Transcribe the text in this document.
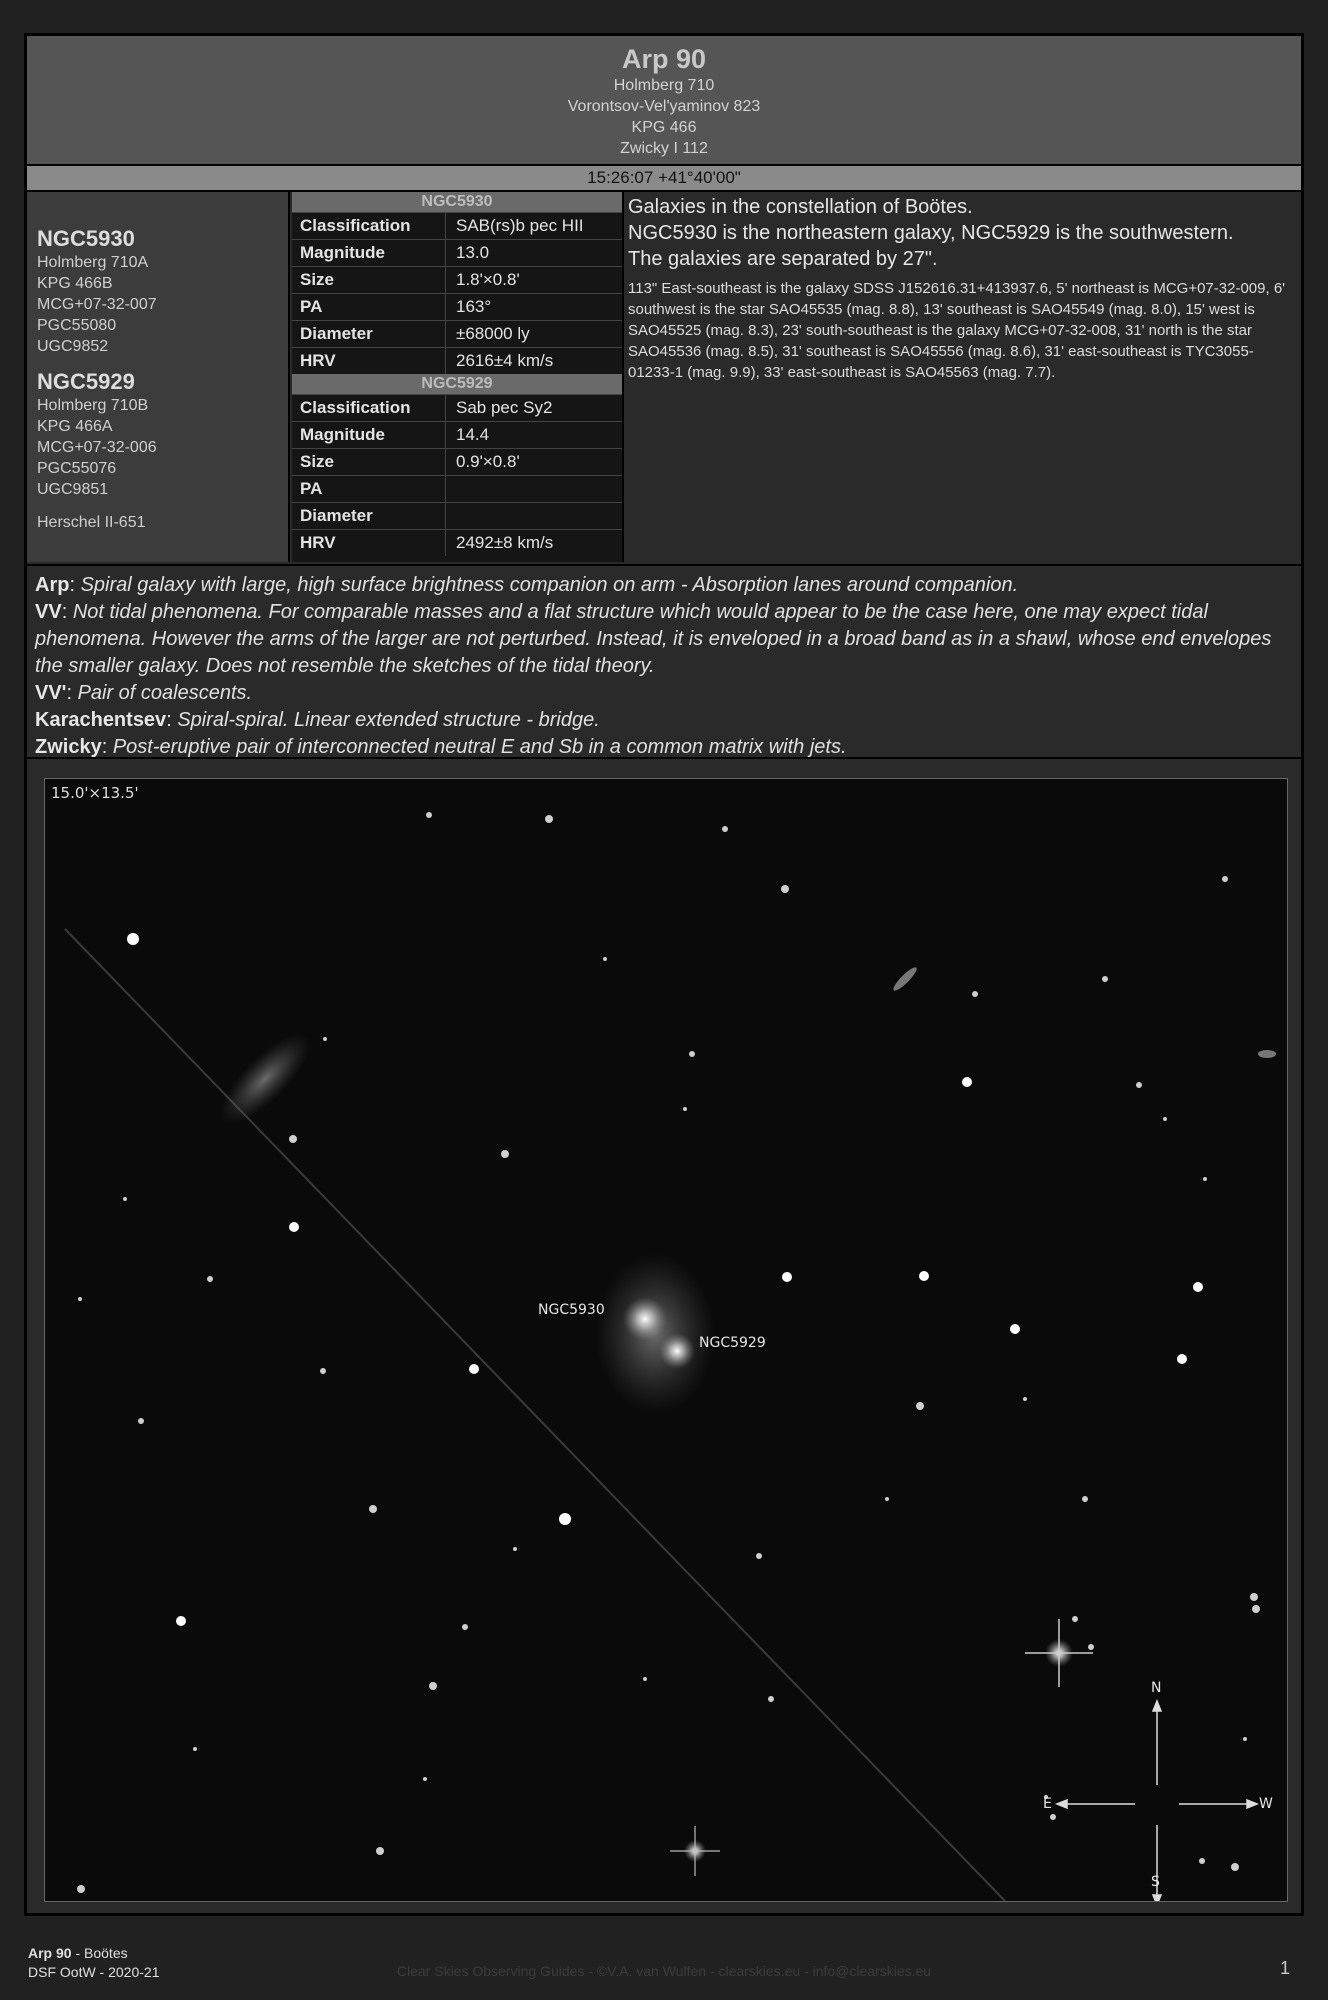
Arp 90
Holmberg 710
Vorontsov-Vel'yaminov 823
KPG 466
Zwicky I 112
15:26:07 +41°40'00"
NGC5930
Holmberg 710A
KPG 466B
MCG+07-32-007
PGC55080
UGC9852
NGC5929
Holmberg 710B
KPG 466A
MCG+07-32-006
PGC55076
UGC9851
Herschel II-651
NGC5930
Classification	SAB(rs)b pec HII
Magnitude	13.0
Size	1.8'×0.8'
PA	163°
Diameter	±68000 ly
HRV	2616±4 km/s
NGC5929
Classification	Sab pec Sy2
Magnitude	14.4
Size	0.9'×0.8'
PA
Diameter
HRV	2492±8 km/s
Galaxies in the constellation of Boötes.
NGC5930 is the northeastern galaxy, NGC5929 is the southwestern.
The galaxies are separated by 27".
113" East-southeast is the galaxy SDSS J152616.31+413937.6, 5' northeast is MCG+07-32-009, 6' southwest is the star SAO45535 (mag. 8.8), 13' southeast is SAO45549 (mag. 8.0), 15' west is SAO45525 (mag. 8.3), 23' south-southeast is the galaxy MCG+07-32-008, 31' north is the star SAO45536 (mag. 8.5), 31' southeast is SAO45556 (mag. 8.6), 31' east-southeast is TYC3055-01233-1 (mag. 9.9), 33' east-southeast is SAO45563 (mag. 7.7).

Arp: Spiral galaxy with large, high surface brightness companion on arm - Absorption lanes around companion.

VV: Not tidal phenomena. For comparable masses and a flat structure which would appear to be the case here, one may expect tidal phenomena. However the arms of the larger are not perturbed. Instead, it is enveloped in a broad band as in a shawl, whose end envelopes the smaller galaxy. Does not resemble the sketches of the tidal theory.

VV': Pair of coalescents.

Karachentsev: Spiral-spiral. Linear extended structure - bridge.

Zwicky: Post-eruptive pair of interconnected neutral E and Sb in a common matrix with jets.

15.0'×13.5'
NGC5930
NGC5929
N
S
E	W
Arp 90 - Boötes
DSF OotW - 2020-21	Clear Skies Observing Guides - ©V.A. van Wulfen - clearskies.eu - info@clearskies.eu	1
